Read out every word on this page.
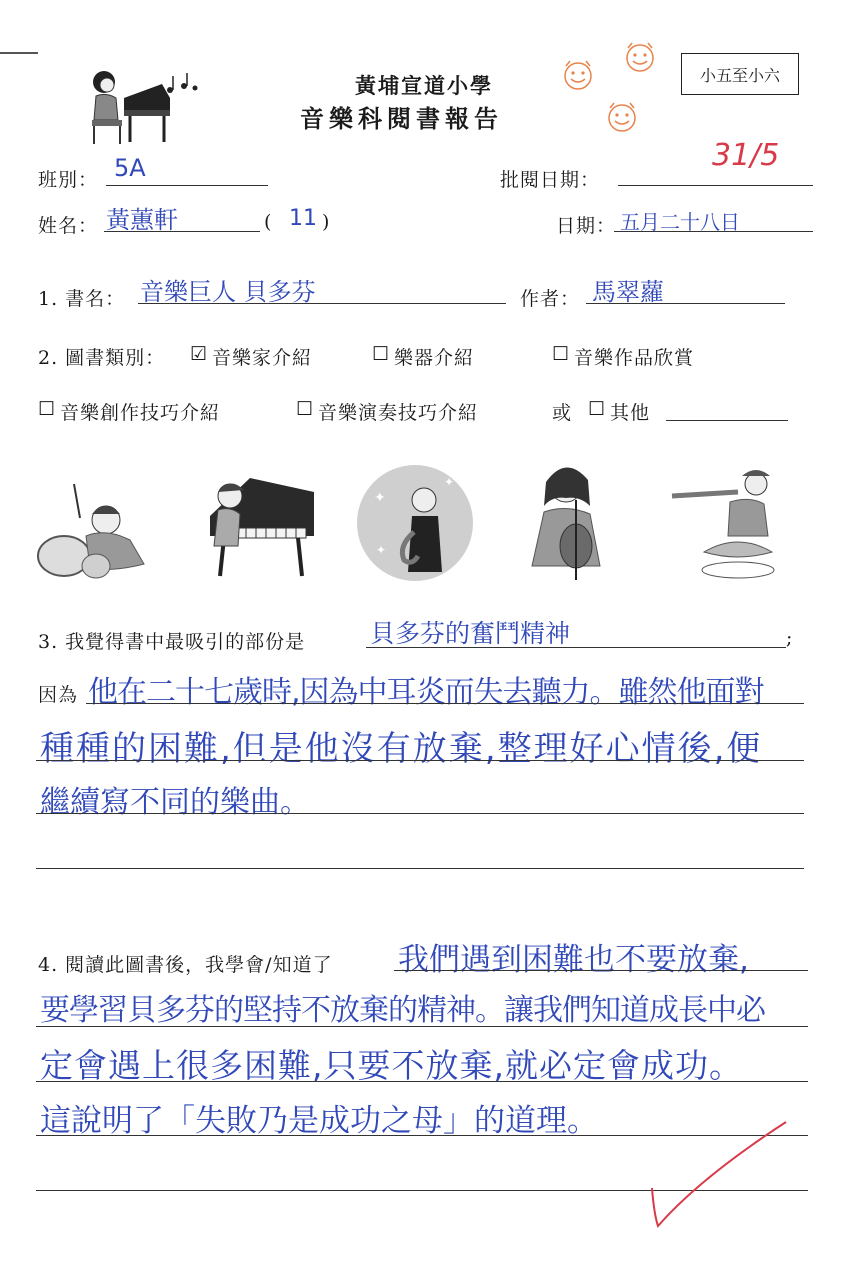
黃埔宣道小學
音樂科閱書報告
小五至小六
31/5
班別： 5A	批閱日期：
姓名： 黃蕙軒	( 11 )	日期： 五月二十八日
1. 書名： 音樂巨人 貝多芬	作者： 馬翠蘿
2. 圖書類別： ☑ 音樂家介紹	☐ 樂器介紹	☐ 音樂作品欣賞
☐ 音樂創作技巧介紹	☐ 音樂演奏技巧介紹	或 ☐ 其他
✦
✦
✦
3. 我覺得書中最吸引的部份是	貝多芬的奮鬥精神	;
因為 他在二十七歲時,因為中耳炎而失去聽力。雖然他面對
種種的困難,但是他沒有放棄,整理好心情後,便
繼續寫不同的樂曲。
4. 閱讀此圖書後，我學會/知道了 我們遇到困難也不要放棄,
要學習貝多芬的堅持不放棄的精神。讓我們知道成長中必
定會遇上很多困難,只要不放棄,就必定會成功。
這說明了「失敗乃是成功之母」的道理。
